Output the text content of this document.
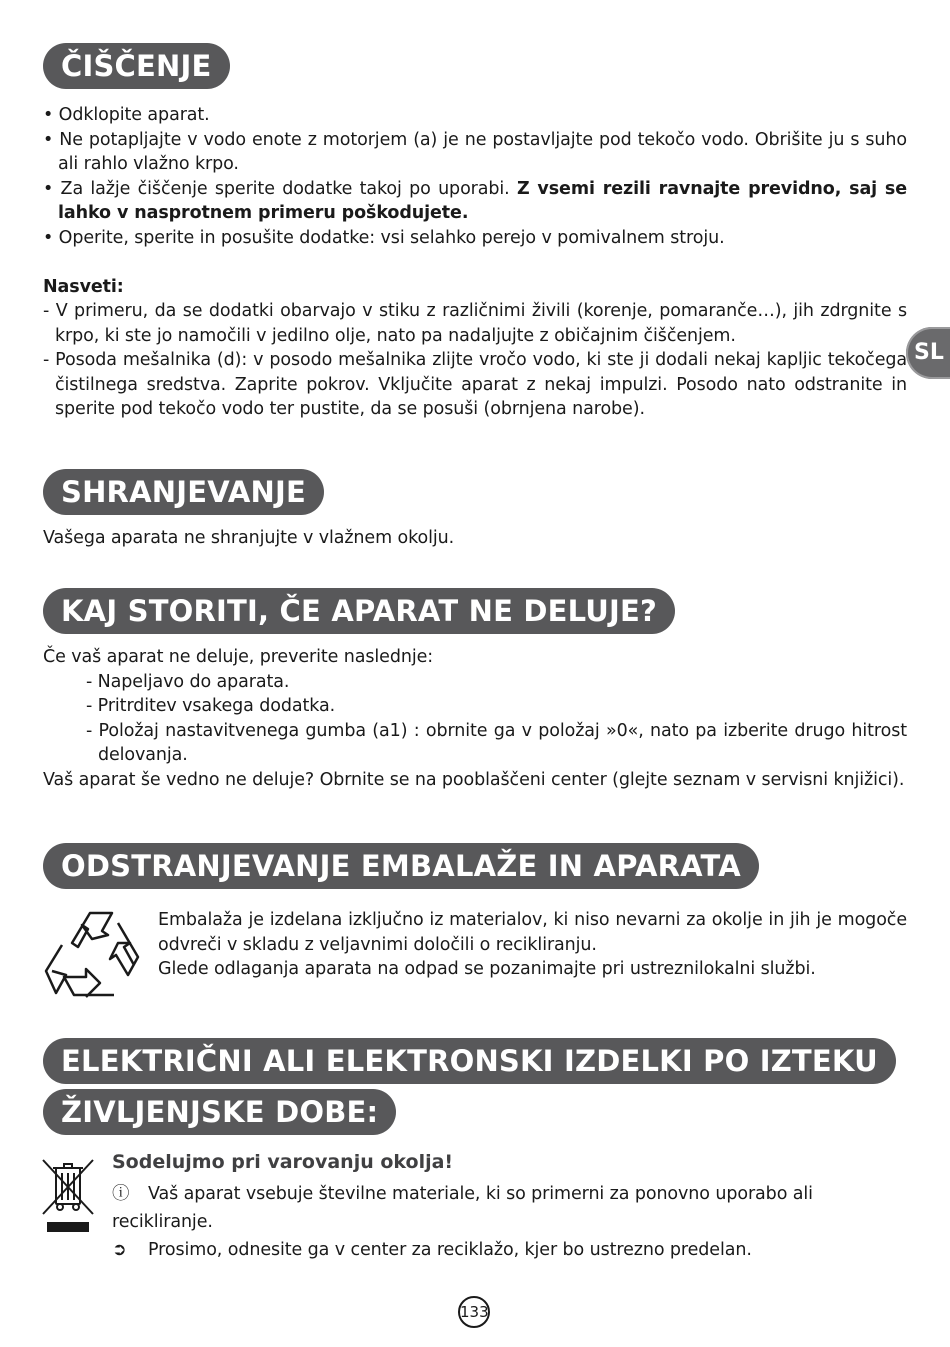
SL
ČIŠČENJE

• Odklopite aparat.

• Ne potapljajte v vodo enote z motorjem (a) je ne postavljajte pod tekočo vodo. Obrišite ju s suho ali rahlo vlažno krpo.

• Za lažje čiščenje sperite dodatke takoj po uporabi. Z vsemi rezili ravnajte previdno, saj se lahko v nasprotnem primeru poškodujete.

• Operite, sperite in posušite dodatke: vsi selahko perejo v pomivalnem stroju.

Nasveti:

- V primeru, da se dodatki obarvajo v stiku z različnimi živili (korenje, pomaranče…), jih zdrgnite s krpo, ki ste jo namočili v jedilno olje, nato pa nadaljujte z običajnim čiščenjem.

- Posoda mešalnika (d): v posodo mešalnika zlijte vročo vodo, ki ste ji dodali nekaj kapljic tekočega čistilnega sredstva. Zaprite pokrov. Vključite aparat z nekaj impulzi. Posodo nato odstranite in sperite pod tekočo vodo ter pustite, da se posuši (obrnjena narobe).

SHRANJEVANJE
Vašega aparata ne shranjujte v vlažnem okolju.
KAJ STORITI, ČE APARAT NE DELUJE?

Če vaš aparat ne deluje, preverite naslednje:

- Napeljavo do aparata.

- Pritrditev vsakega dodatka.

- Položaj nastavitvenega gumba (a1) : obrnite ga v položaj »0«, nato pa izberite drugo hitrost delovanja.

Vaš aparat še vedno ne deluje? Obrnite se na pooblaščeni center (glejte seznam v servisni knjižici).

ODSTRANJEVANJE EMBALAŽE IN APARATA

Embalaža je izdelana izključno iz materialov, ki niso nevarni za okolje in jih je mogoče odvreči v skladu z veljavnimi določili o recikliranju.

Glede odlaganja aparata na odpad se pozanimajte pri ustreznilokalni službi.

ELEKTRIČNI ALI ELEKTRONSKI IZDELKI PO IZTEKU
ŽIVLJENJSKE DOBE:
Sodelujmo pri varovanju okolja!

ⓘ Vaš aparat vsebuje številne materiale, ki so primerni za ponovno uporabo ali recikliranje.

➲ Prosimo, odnesite ga v center za reciklažo, kjer bo ustrezno predelan.

133
